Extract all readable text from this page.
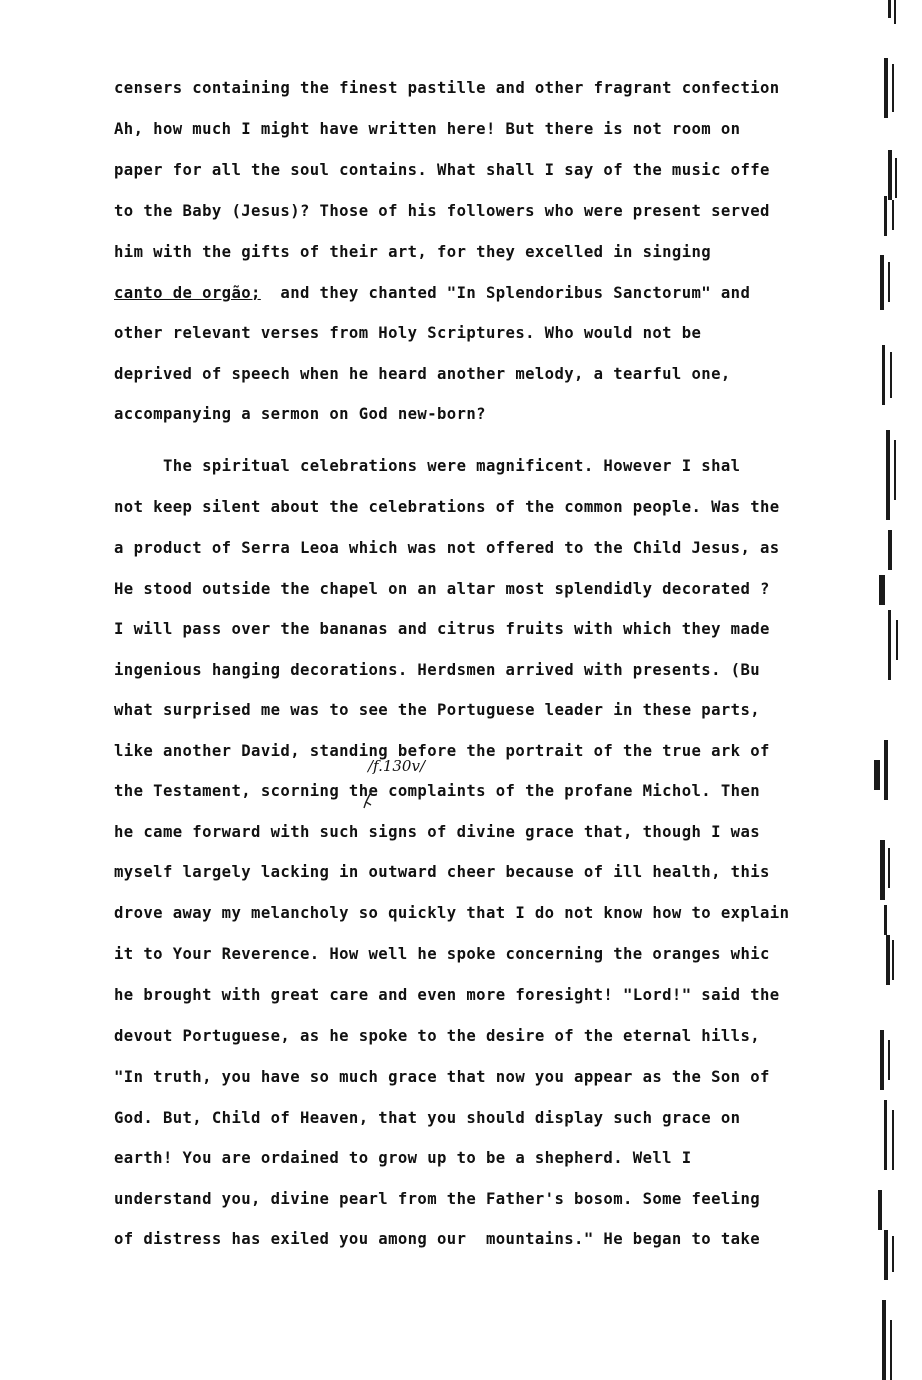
censers containing the finest pastille and other fragrant confection
Ah, how much I might have written here! But there is not room on
paper for all the soul contains. What shall I say of the music offe
to the Baby (Jesus)? Those of his followers who were present served
him with the gifts of their art, for they excelled in singing
canto de orgão; and they chanted "In Splendoribus Sanctorum" and
other relevant verses from Holy Scriptures. Who would not be
deprived of speech when he heard another melody, a tearful one,
accompanying a sermon on God new-born?
The spiritual celebrations were magnificent. However I shal
not keep silent about the celebrations of the common people. Was the
a product of Serra Leoa which was not offered to the Child Jesus, as
He stood outside the chapel on an altar most splendidly decorated ?
I will pass over the bananas and citrus fruits with which they made
ingenious hanging decorations. Herdsmen arrived with presents. (Bu
what surprised me was to see the Portuguese leader in these parts,
like another David, standing before the portrait of the true ark of
the Testament, scorning the complaints of the profane Michol. Then
he came forward with such signs of divine grace that, though I was
myself largely lacking in outward cheer because of ill health, this
drove away my melancholy so quickly that I do not know how to explain
it to Your Reverence. How well he spoke concerning the oranges whic
he brought with great care and even more foresight! "Lord!" said the
devout Portuguese, as he spoke to the desire of the eternal hills,
"In truth, you have so much grace that now you appear as the Son of
God. But, Child of Heaven, that you should display such grace on
earth! You are ordained to grow up to be a shepherd. Well I
understand you, divine pearl from the Father's bosom. Some feeling
of distress has exiled you among our  mountains." He began to take
/f.130v/
